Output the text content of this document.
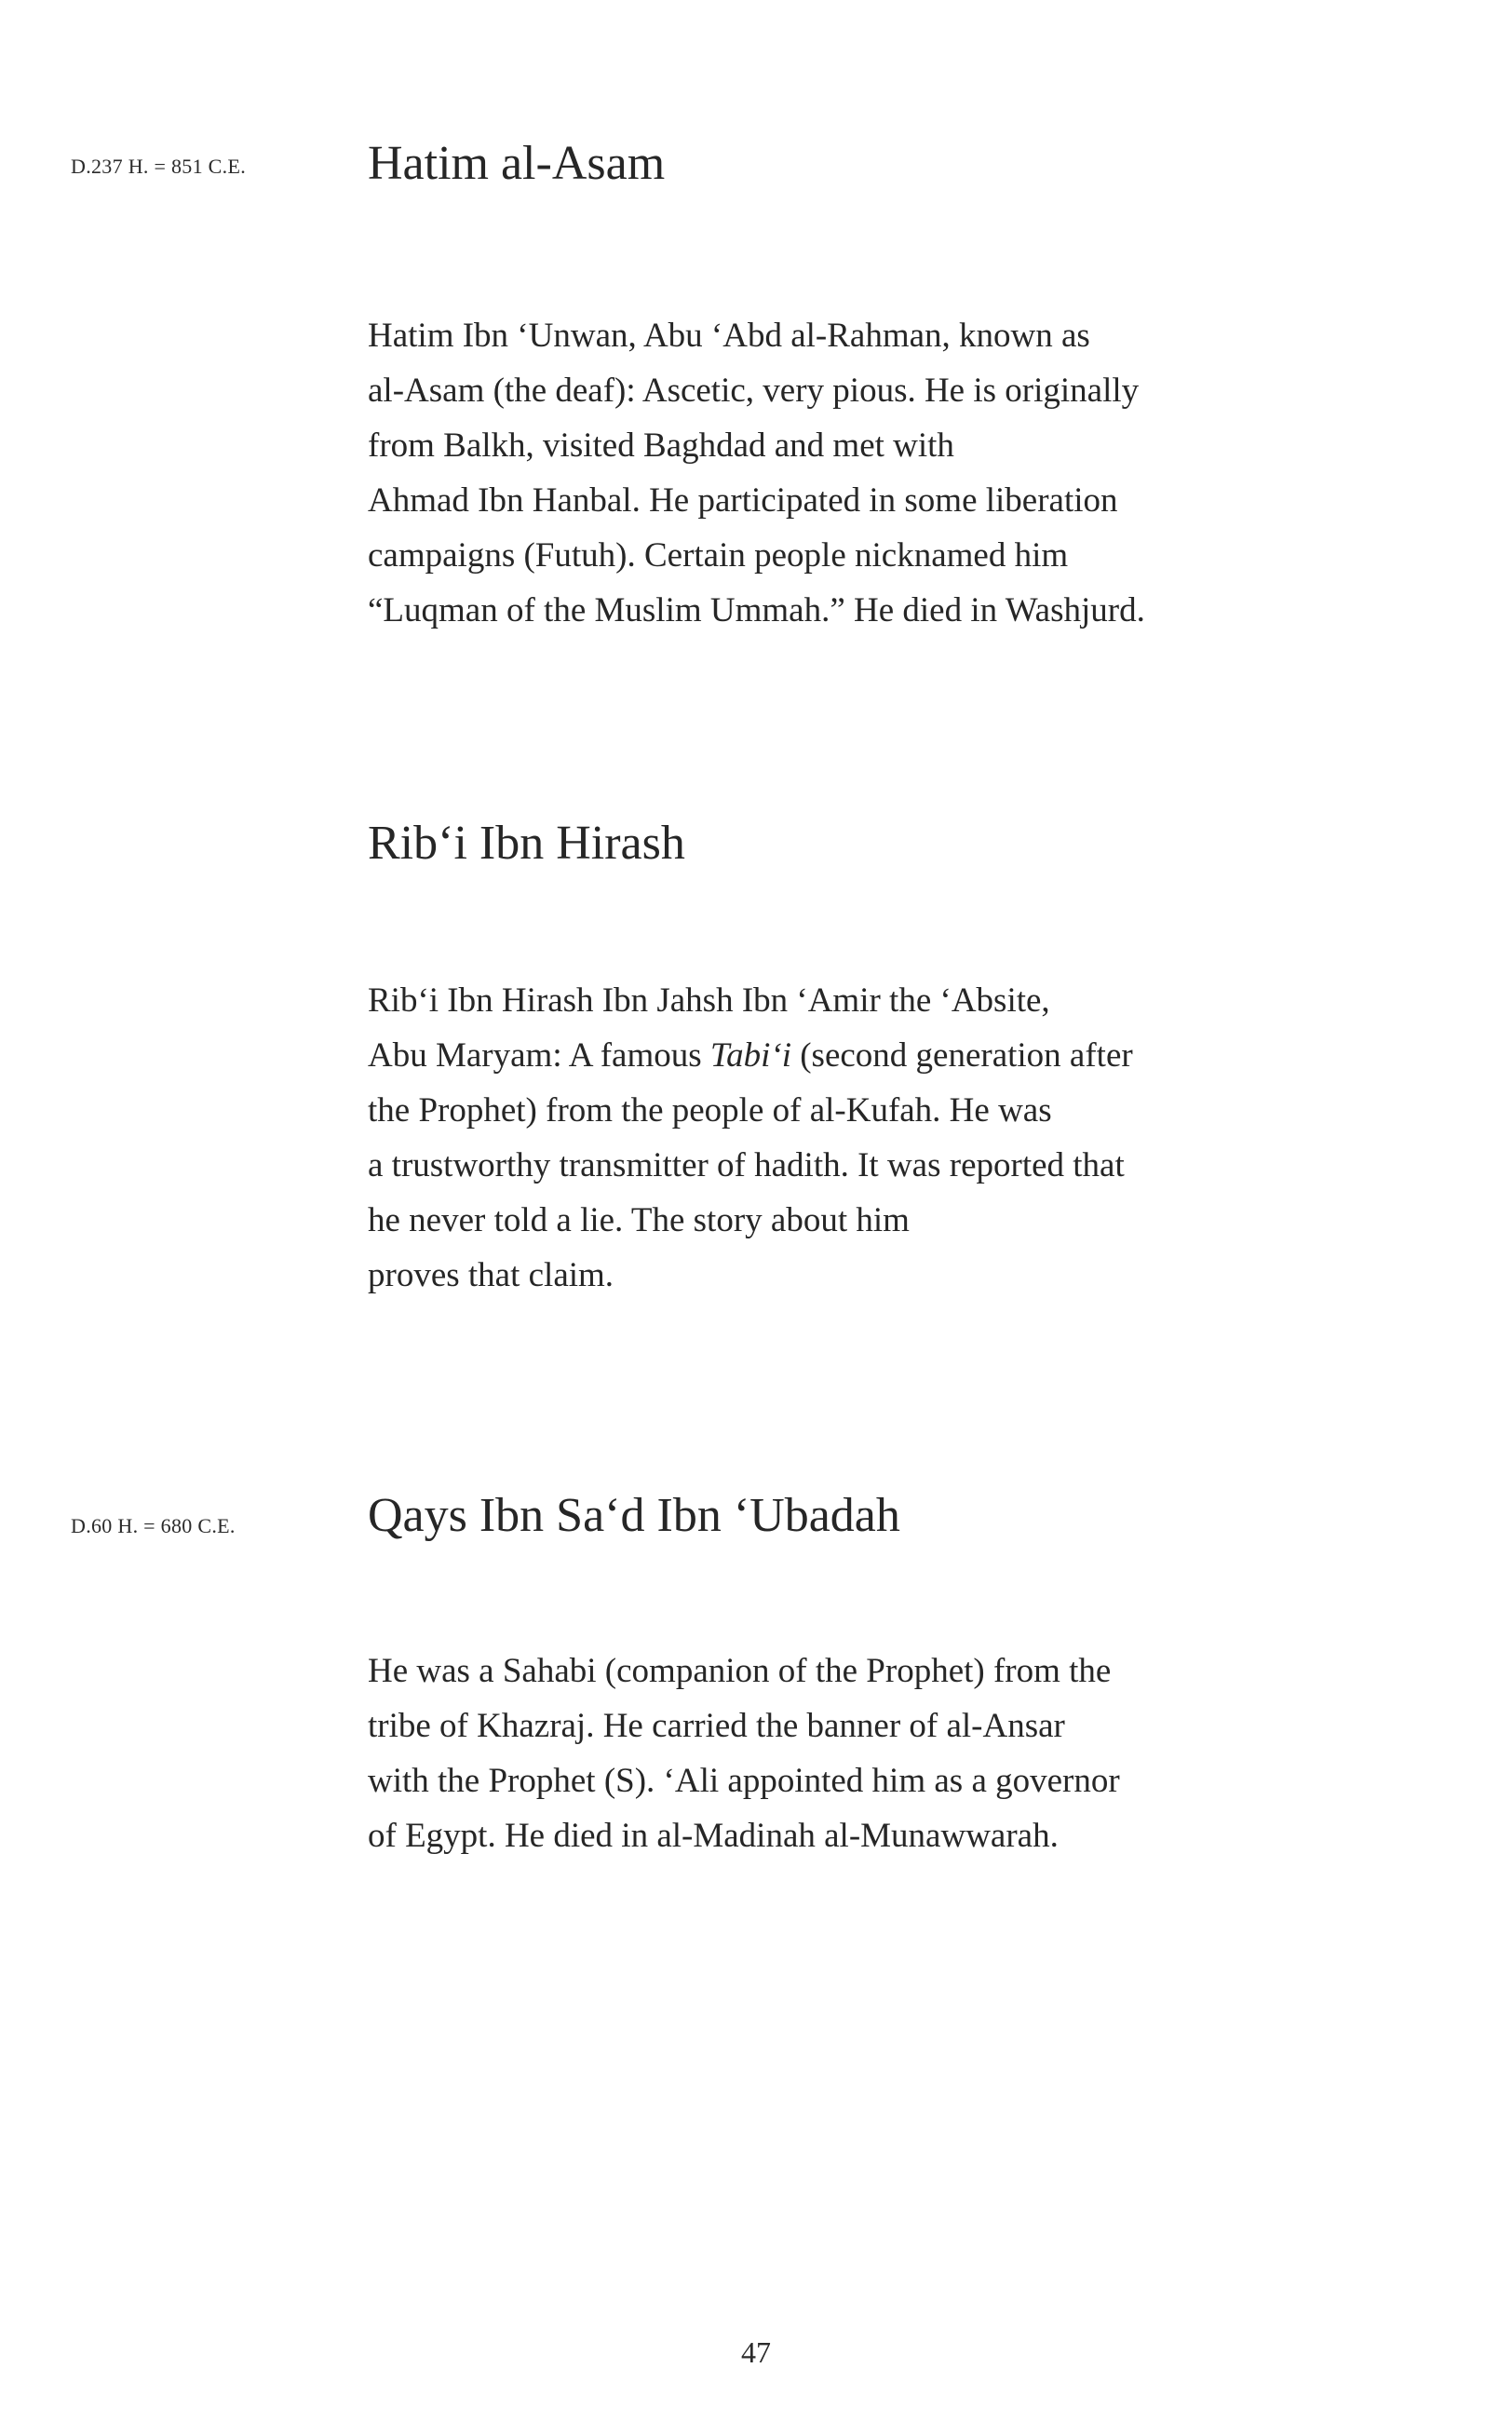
D.237 H. = 851 C.E.	Hatim al-Asam

Hatim Ibn ‘Unwan, Abu ‘Abd al-Rahman, known as
al-Asam (the deaf): Ascetic, very pious. He is originally
from Balkh, visited Baghdad and met with
Ahmad Ibn Hanbal. He participated in some liberation
campaigns (Futuh). Certain people nicknamed him
“Luqman of the Muslim Ummah.” He died in Washjurd.

Rib‘i Ibn Hirash

Rib‘i Ibn Hirash Ibn Jahsh Ibn ‘Amir the ‘Absite,
Abu Maryam: A famous Tabi‘i (second generation after
the Prophet) from the people of al-Kufah. He was
a trustworthy transmitter of hadith. It was reported that
he never told a lie. The story about him
proves that claim.

D.60 H. = 680 C.E.	Qays Ibn Sa‘d Ibn ‘Ubadah

He was a Sahabi (companion of the Prophet) from the
tribe of Khazraj. He carried the banner of al-Ansar
with the Prophet (S). ‘Ali appointed him as a governor
of Egypt. He died in al-Madinah al-Munawwarah.

47
